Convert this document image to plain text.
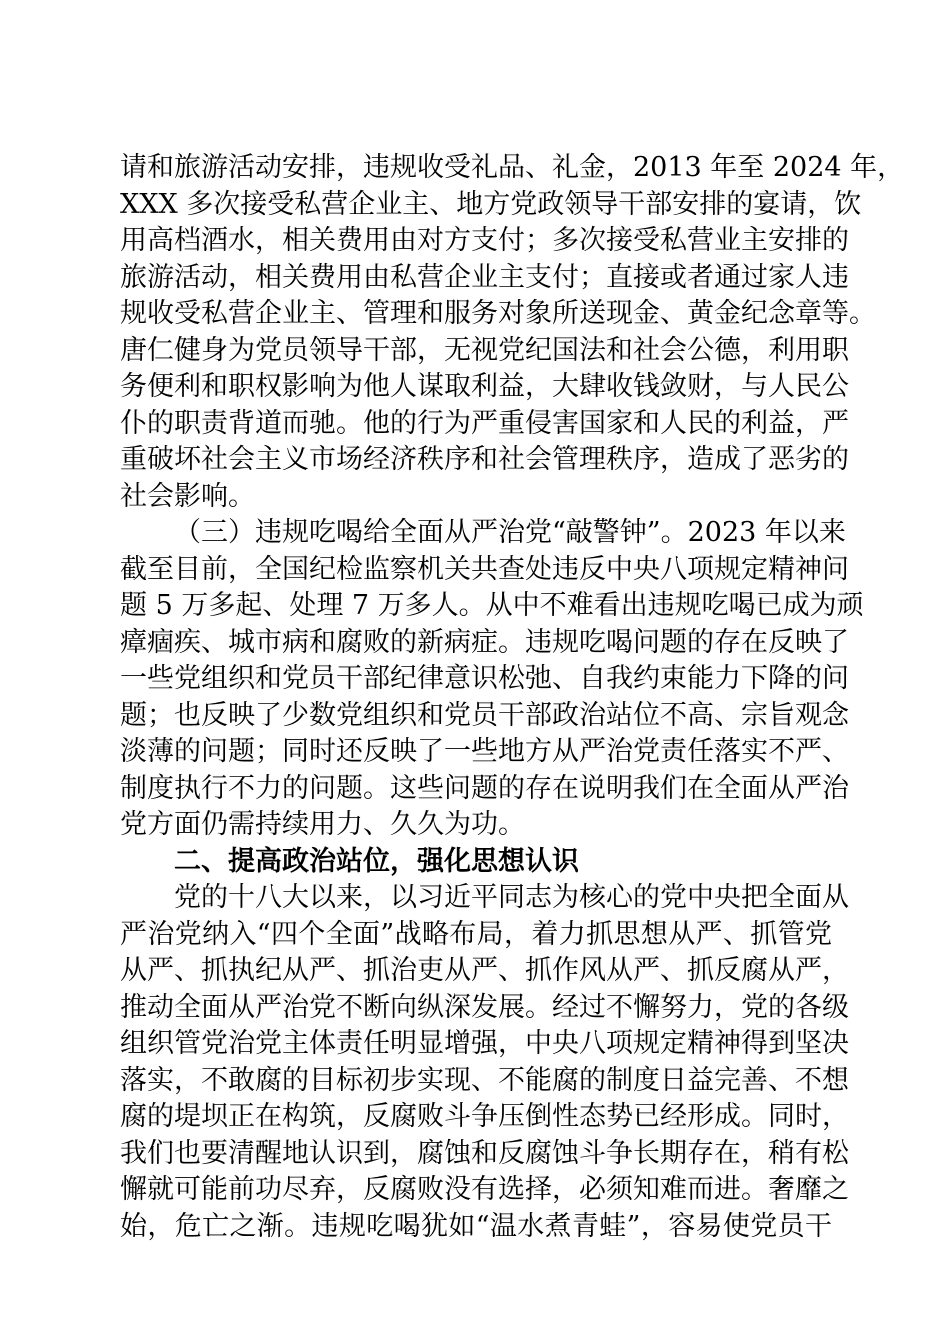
请和旅游活动安排，违规收受礼品、礼金，2013 年至 2024 年，
XXX 多次接受私营企业主、地方党政领导干部安排的宴请，饮
用高档酒水，相关费用由对方支付；多次接受私营业主安排的
旅游活动，相关费用由私营企业主支付；直接或者通过家人违
规收受私营企业主、管理和服务对象所送现金、黄金纪念章等。
唐仁健身为党员领导干部，无视党纪国法和社会公德，利用职
务便利和职权影响为他人谋取利益，大肆收钱敛财，与人民公
仆的职责背道而驰。他的行为严重侵害国家和人民的利益，严
重破坏社会主义市场经济秩序和社会管理秩序，造成了恶劣的
社会影响。
（三）违规吃喝给全面从严治党“敲警钟”。2023 年以来
截至目前，全国纪检监察机关共查处违反中央八项规定精神问
题 5 万多起、处理 7 万多人。从中不难看出违规吃喝已成为顽
瘴痼疾、城市病和腐败的新病症。违规吃喝问题的存在反映了
一些党组织和党员干部纪律意识松弛、自我约束能力下降的问
题；也反映了少数党组织和党员干部政治站位不高、宗旨观念
淡薄的问题；同时还反映了一些地方从严治党责任落实不严、
制度执行不力的问题。这些问题的存在说明我们在全面从严治
党方面仍需持续用力、久久为功。
二、提高政治站位，强化思想认识
党的十八大以来，以习近平同志为核心的党中央把全面从
严治党纳入“四个全面”战略布局，着力抓思想从严、抓管党
从严、抓执纪从严、抓治吏从严、抓作风从严、抓反腐从严，
推动全面从严治党不断向纵深发展。经过不懈努力，党的各级
组织管党治党主体责任明显增强，中央八项规定精神得到坚决
落实，不敢腐的目标初步实现、不能腐的制度日益完善、不想
腐的堤坝正在构筑，反腐败斗争压倒性态势已经形成。同时，
我们也要清醒地认识到，腐蚀和反腐蚀斗争长期存在，稍有松
懈就可能前功尽弃，反腐败没有选择，必须知难而进。奢靡之
始，危亡之渐。违规吃喝犹如“温水煮青蛙”，容易使党员干
